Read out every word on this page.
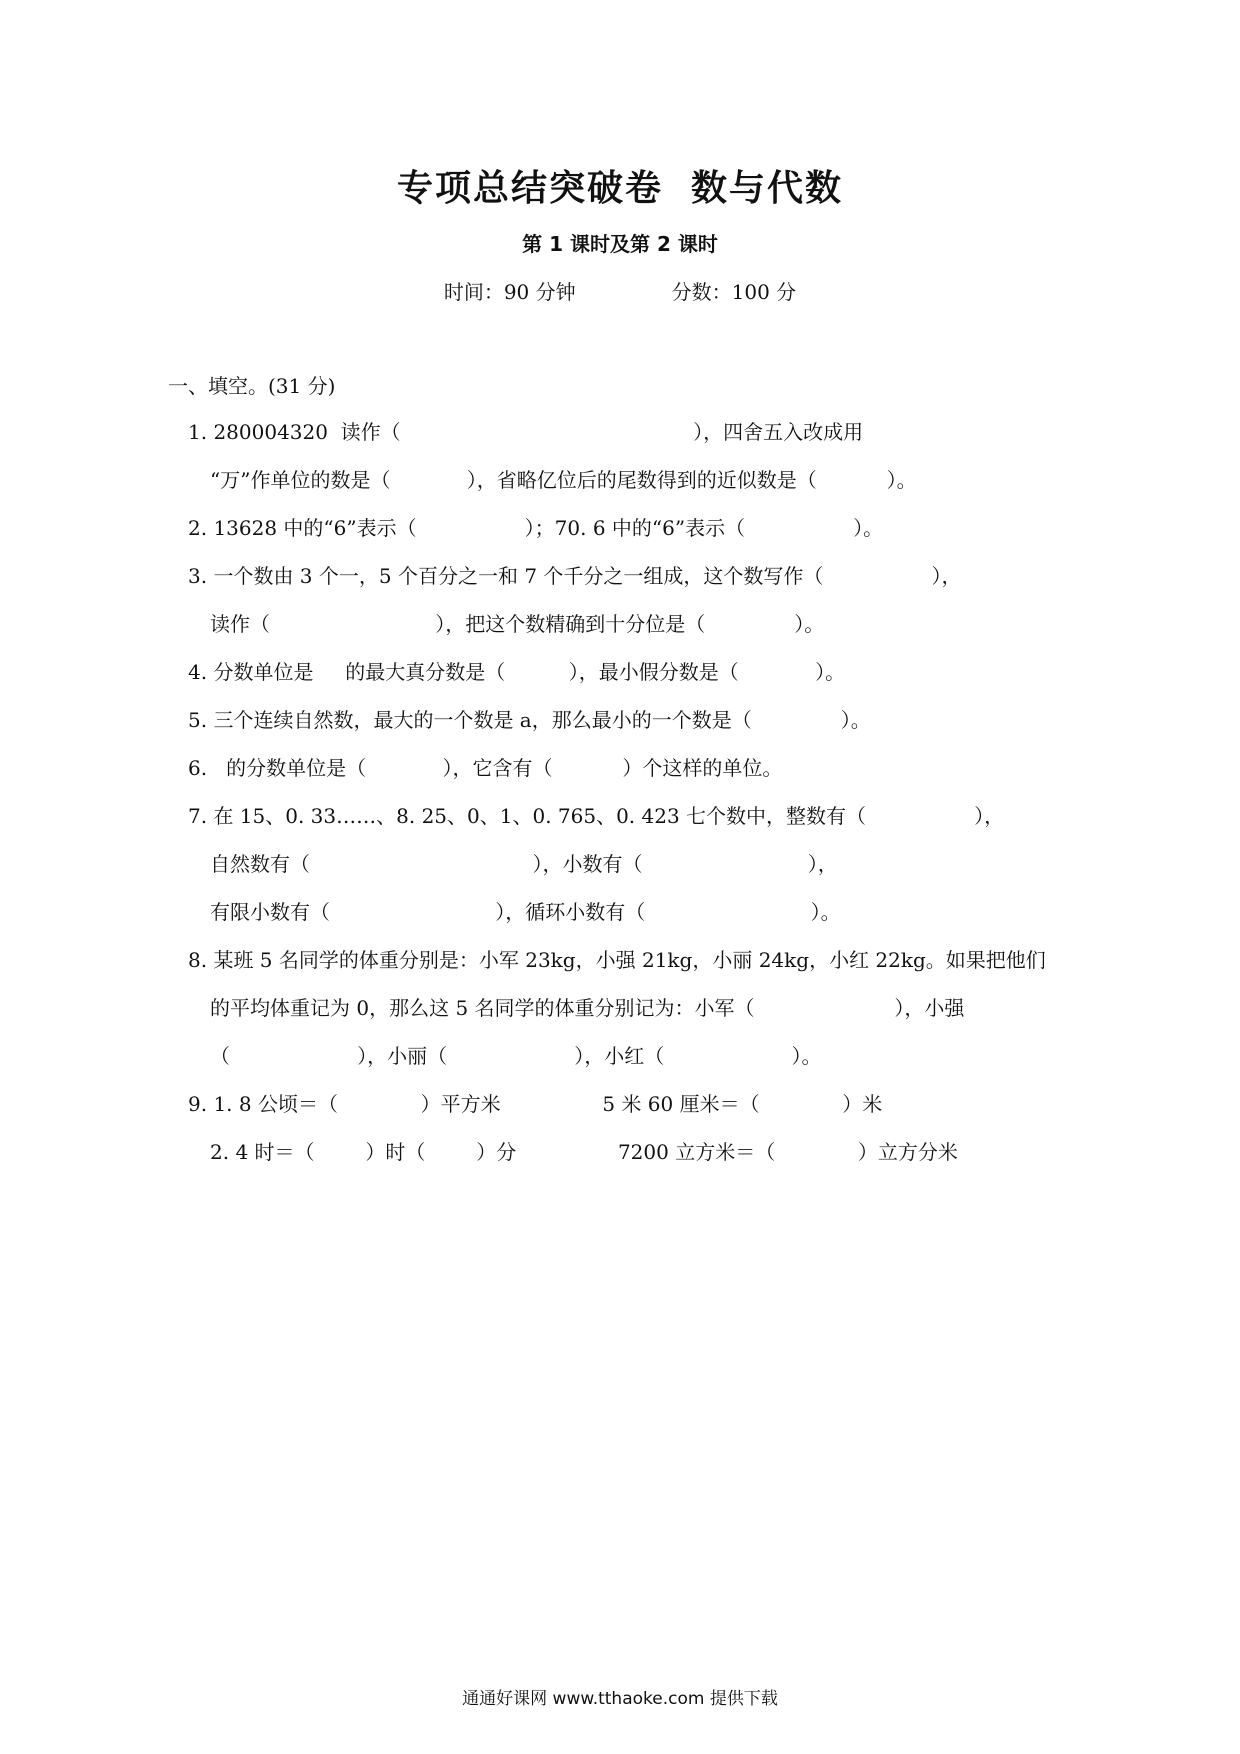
专项总结突破卷 数与代数
第 1 课时及第 2 课时
时间：90 分钟	分数：100 分
一、填空。(31 分)
1. 280004320  读作（                                              ），四舍五入改成用
“万”作单位的数是（            ），省略亿位后的尾数得到的近似数是（           ）。
2. 13628 中的“6”表示（                 ）；70. 6 中的“6”表示（                 ）。
3. 一个数由 3 个一，5 个百分之一和 7 个千分之一组成，这个数写作（                 ），
读作（                          ），把这个数精确到十分位是（              ）。
4. 分数单位是     的最大真分数是（          ），最小假分数是（            ）。
5. 三个连续自然数，最大的一个数是 a，那么最小的一个数是（              ）。
6.   的分数单位是（            ），它含有（           ）个这样的单位。
7. 在 15、0. 33……、8. 25、0、1、0. 765、0. 423 七个数中，整数有（                 ），
自然数有（                                   ），小数有（                          ），
有限小数有（                          ），循环小数有（                          ）。
8. 某班 5 名同学的体重分别是：小军 23kg，小强 21kg，小丽 24kg，小红 22kg。如果把他们
的平均体重记为 0，那么这 5 名同学的体重分别记为：小军（                      ），小强
（                    ），小丽（                    ），小红（                    ）。
9. 1. 8 公顷＝（             ）平方米                5 米 60 厘米＝（             ）米
2. 4 时＝（        ）时（        ）分                7200 立方米＝（             ）立方分米
通通好课网 www.tthaoke.com 提供下载
